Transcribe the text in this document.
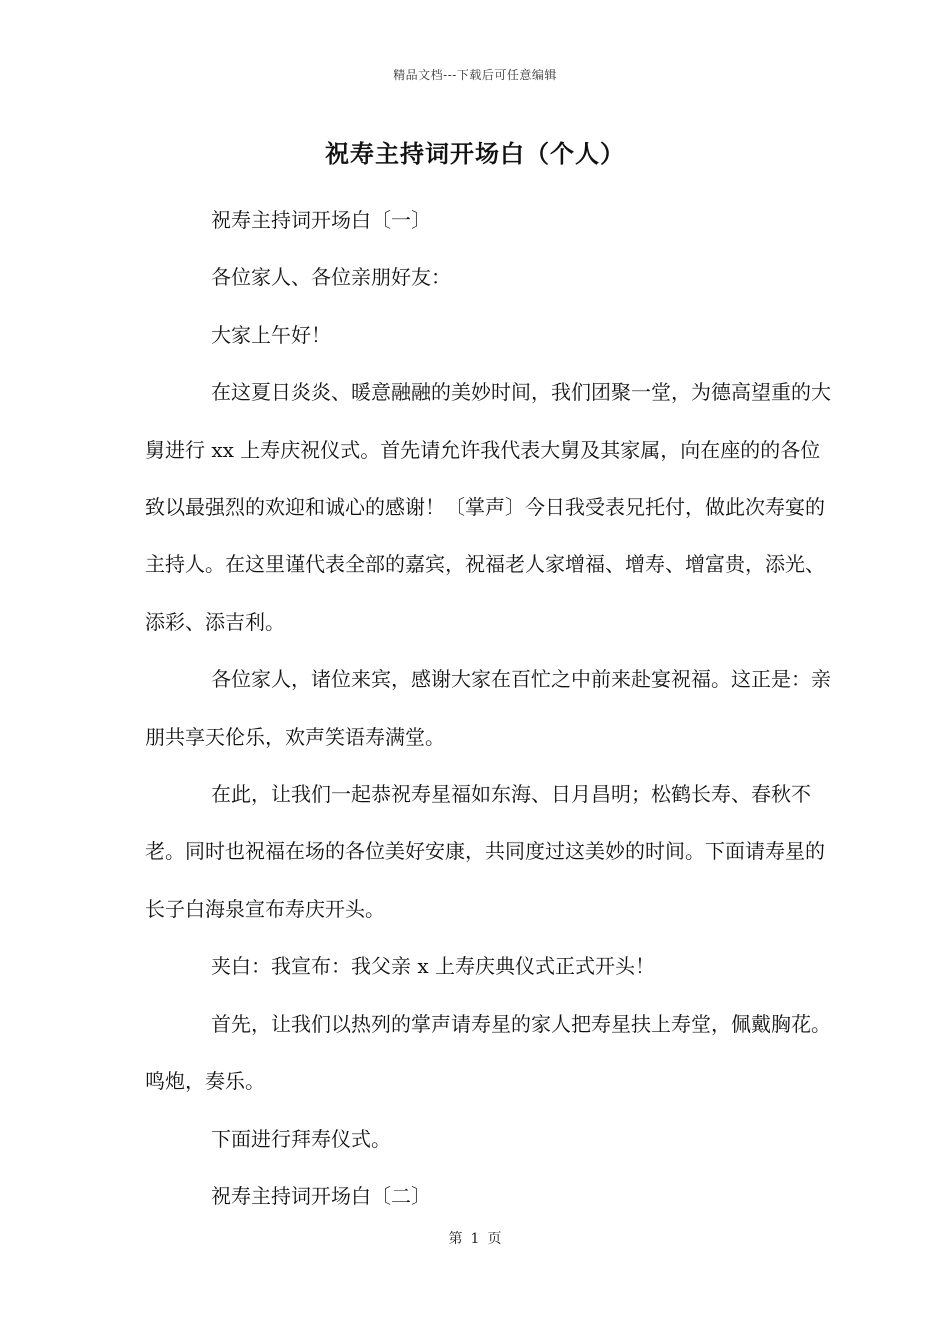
精品文档---下载后可任意编辑
祝寿主持词开场白（个人）

祝寿主持词开场白〔一〕

各位家人、各位亲朋好友：

大家上午好！

在这夏日炎炎、暖意融融的美妙时间，我们团聚一堂，为德高望重的大舅进行 xx 上寿庆祝仪式。首先请允许我代表大舅及其家属，向在座的的各位致以最强烈的欢迎和诚心的感谢！〔掌声〕今日我受表兄托付，做此次寿宴的主持人。在这里谨代表全部的嘉宾，祝福老人家增福、增寿、增富贵，添光、添彩、添吉利。

各位家人，诸位来宾，感谢大家在百忙之中前来赴宴祝福。这正是：亲朋共享天伦乐，欢声笑语寿满堂。

在此，让我们一起恭祝寿星福如东海、日月昌明；松鹤长寿、春秋不老。同时也祝福在场的各位美好安康，共同度过这美妙的时间。下面请寿星的长子白海泉宣布寿庆开头。

夹白：我宣布：我父亲 x 上寿庆典仪式正式开头！

首先，让我们以热列的掌声请寿星的家人把寿星扶上寿堂，佩戴胸花。鸣炮，奏乐。

下面进行拜寿仪式。

祝寿主持词开场白〔二〕

第 1 页
